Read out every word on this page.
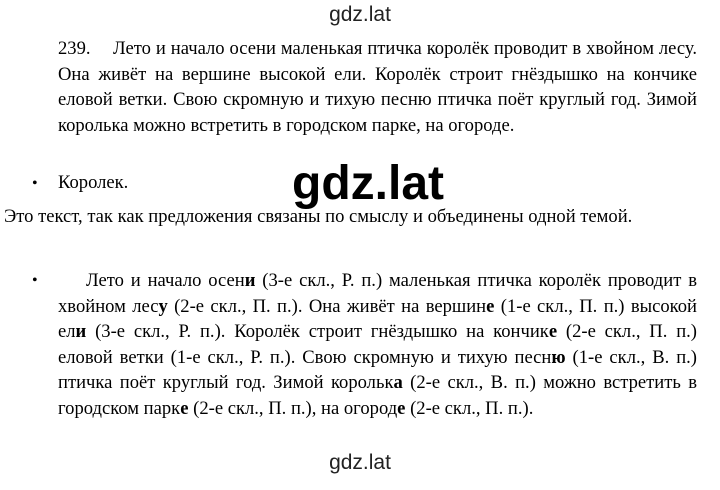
gdz.lat

239. Лето и начало осени маленькая птичка королёк проводит в хвойном лесу. Она живёт на вершине высокой ели. Королёк строит гнёздышко на кончике еловой ветки. Свою скромную и тихую песню птичка поёт круглый год. Зимой королька можно встретить в городском парке, на огороде.

• Королек.	gdz.lat

Это текст, так как предложения связаны по смыслу и объединены одной темой.

•	Лето и начало осени (3-е скл., Р. п.) маленькая птичка королёк проводит в хвойном лесу (2-е скл., П. п.). Она живёт на вершине (1-е скл., П. п.) высокой ели (3-е скл., Р. п.). Королёк строит гнёздышко на кончике (2-е скл., П. п.) еловой ветки (1-е скл., Р. п.). Свою скромную и тихую песню (1-е скл., В. п.) птичка поёт круглый год. Зимой королька (2-е скл., В. п.) можно встретить в городском парке (2-е скл., П. п.), на огороде (2-е скл., П. п.).

gdz.lat
